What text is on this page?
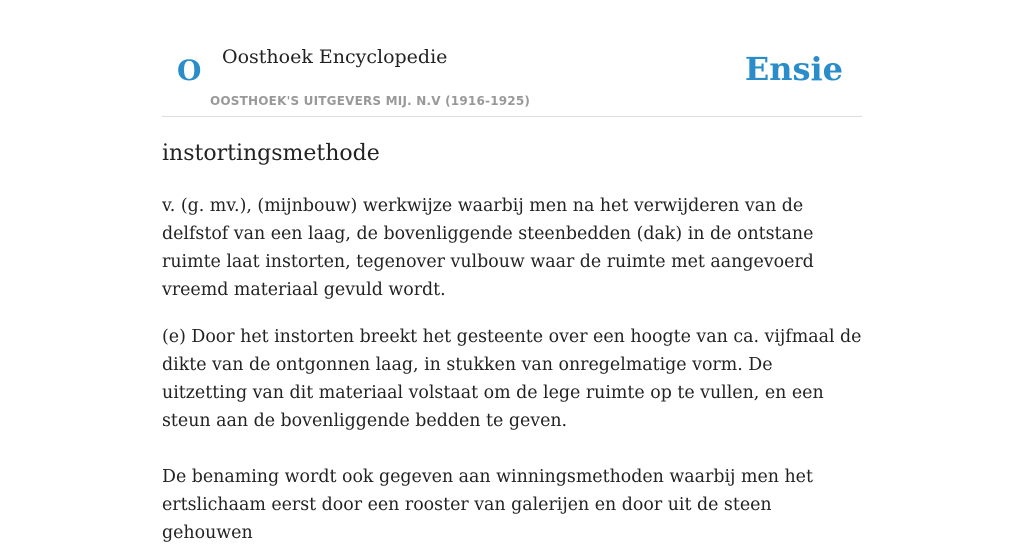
O Oosthoek Encyclopedie
OOSTHOEK'S UITGEVERS MIJ. N.V (1916-1925)
Ensie
instortingsmethode

v. (g. mv.), (mijnbouw) werkwijze waarbij men na het verwijderen van de delfstof van een laag, de bovenliggende steenbedden (dak) in de ontstane ruimte laat instorten, tegenover vulbouw waar de ruimte met aangevoerd vreemd materiaal gevuld wordt.

(e) Door het instorten breekt het gesteente over een hoogte van ca. vijfmaal de dikte van de ontgonnen laag, in stukken van onregelmatige vorm. De uitzetting van dit materiaal volstaat om de lege ruimte op te vullen, en een steun aan de bovenliggende bedden te geven.

De benaming wordt ook gegeven aan winningsmethoden waarbij men het ertslichaam eerst door een rooster van galerijen en door uit de steen gehouwen
